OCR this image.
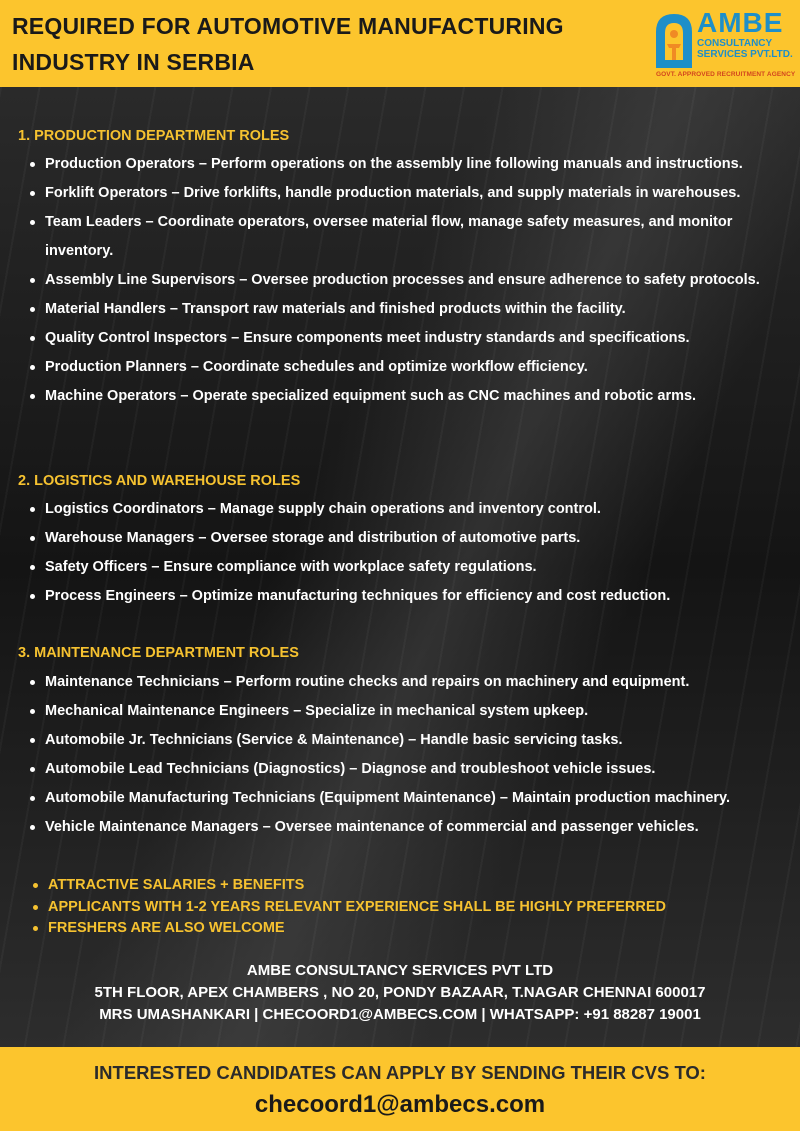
REQUIRED FOR AUTOMOTIVE MANUFACTURING
INDUSTRY IN SERBIA
AMBE
CONSULTANCY
SERVICES PVT.LTD.
GOVT. APPROVED RECRUITMENT AGENCY
1. PRODUCTION DEPARTMENT ROLES
Production Operators – Perform operations on the assembly line following manuals and instructions.
Forklift Operators – Drive forklifts, handle production materials, and supply materials in warehouses.
Team Leaders – Coordinate operators, oversee material flow, manage safety measures, and monitor inventory.
Assembly Line Supervisors – Oversee production processes and ensure adherence to safety protocols.
Material Handlers – Transport raw materials and finished products within the facility.
Quality Control Inspectors – Ensure components meet industry standards and specifications.
Production Planners – Coordinate schedules and optimize workflow efficiency.
Machine Operators – Operate specialized equipment such as CNC machines and robotic arms.
2. LOGISTICS AND WAREHOUSE ROLES
Logistics Coordinators – Manage supply chain operations and inventory control.
Warehouse Managers – Oversee storage and distribution of automotive parts.
Safety Officers – Ensure compliance with workplace safety regulations.
Process Engineers – Optimize manufacturing techniques for efficiency and cost reduction.
3. MAINTENANCE DEPARTMENT ROLES
Maintenance Technicians – Perform routine checks and repairs on machinery and equipment.
Mechanical Maintenance Engineers – Specialize in mechanical system upkeep.
Automobile Jr. Technicians (Service & Maintenance) – Handle basic servicing tasks.
Automobile Lead Technicians (Diagnostics) – Diagnose and troubleshoot vehicle issues.
Automobile Manufacturing Technicians (Equipment Maintenance) – Maintain production machinery.
Vehicle Maintenance Managers – Oversee maintenance of commercial and passenger vehicles.
ATTRACTIVE SALARIES + BENEFITS
APPLICANTS WITH 1-2 YEARS RELEVANT EXPERIENCE SHALL BE HIGHLY PREFERRED
FRESHERS ARE ALSO WELCOME
AMBE CONSULTANCY SERVICES PVT LTD
5TH FLOOR, APEX CHAMBERS , NO 20, PONDY BAZAAR, T.NAGAR CHENNAI 600017
MRS UMASHANKARI | CHECOORD1@AMBECS.COM | WHATSAPP: +91 88287 19001
INTERESTED CANDIDATES CAN APPLY BY SENDING THEIR CVS TO:
checoord1@ambecs.com
